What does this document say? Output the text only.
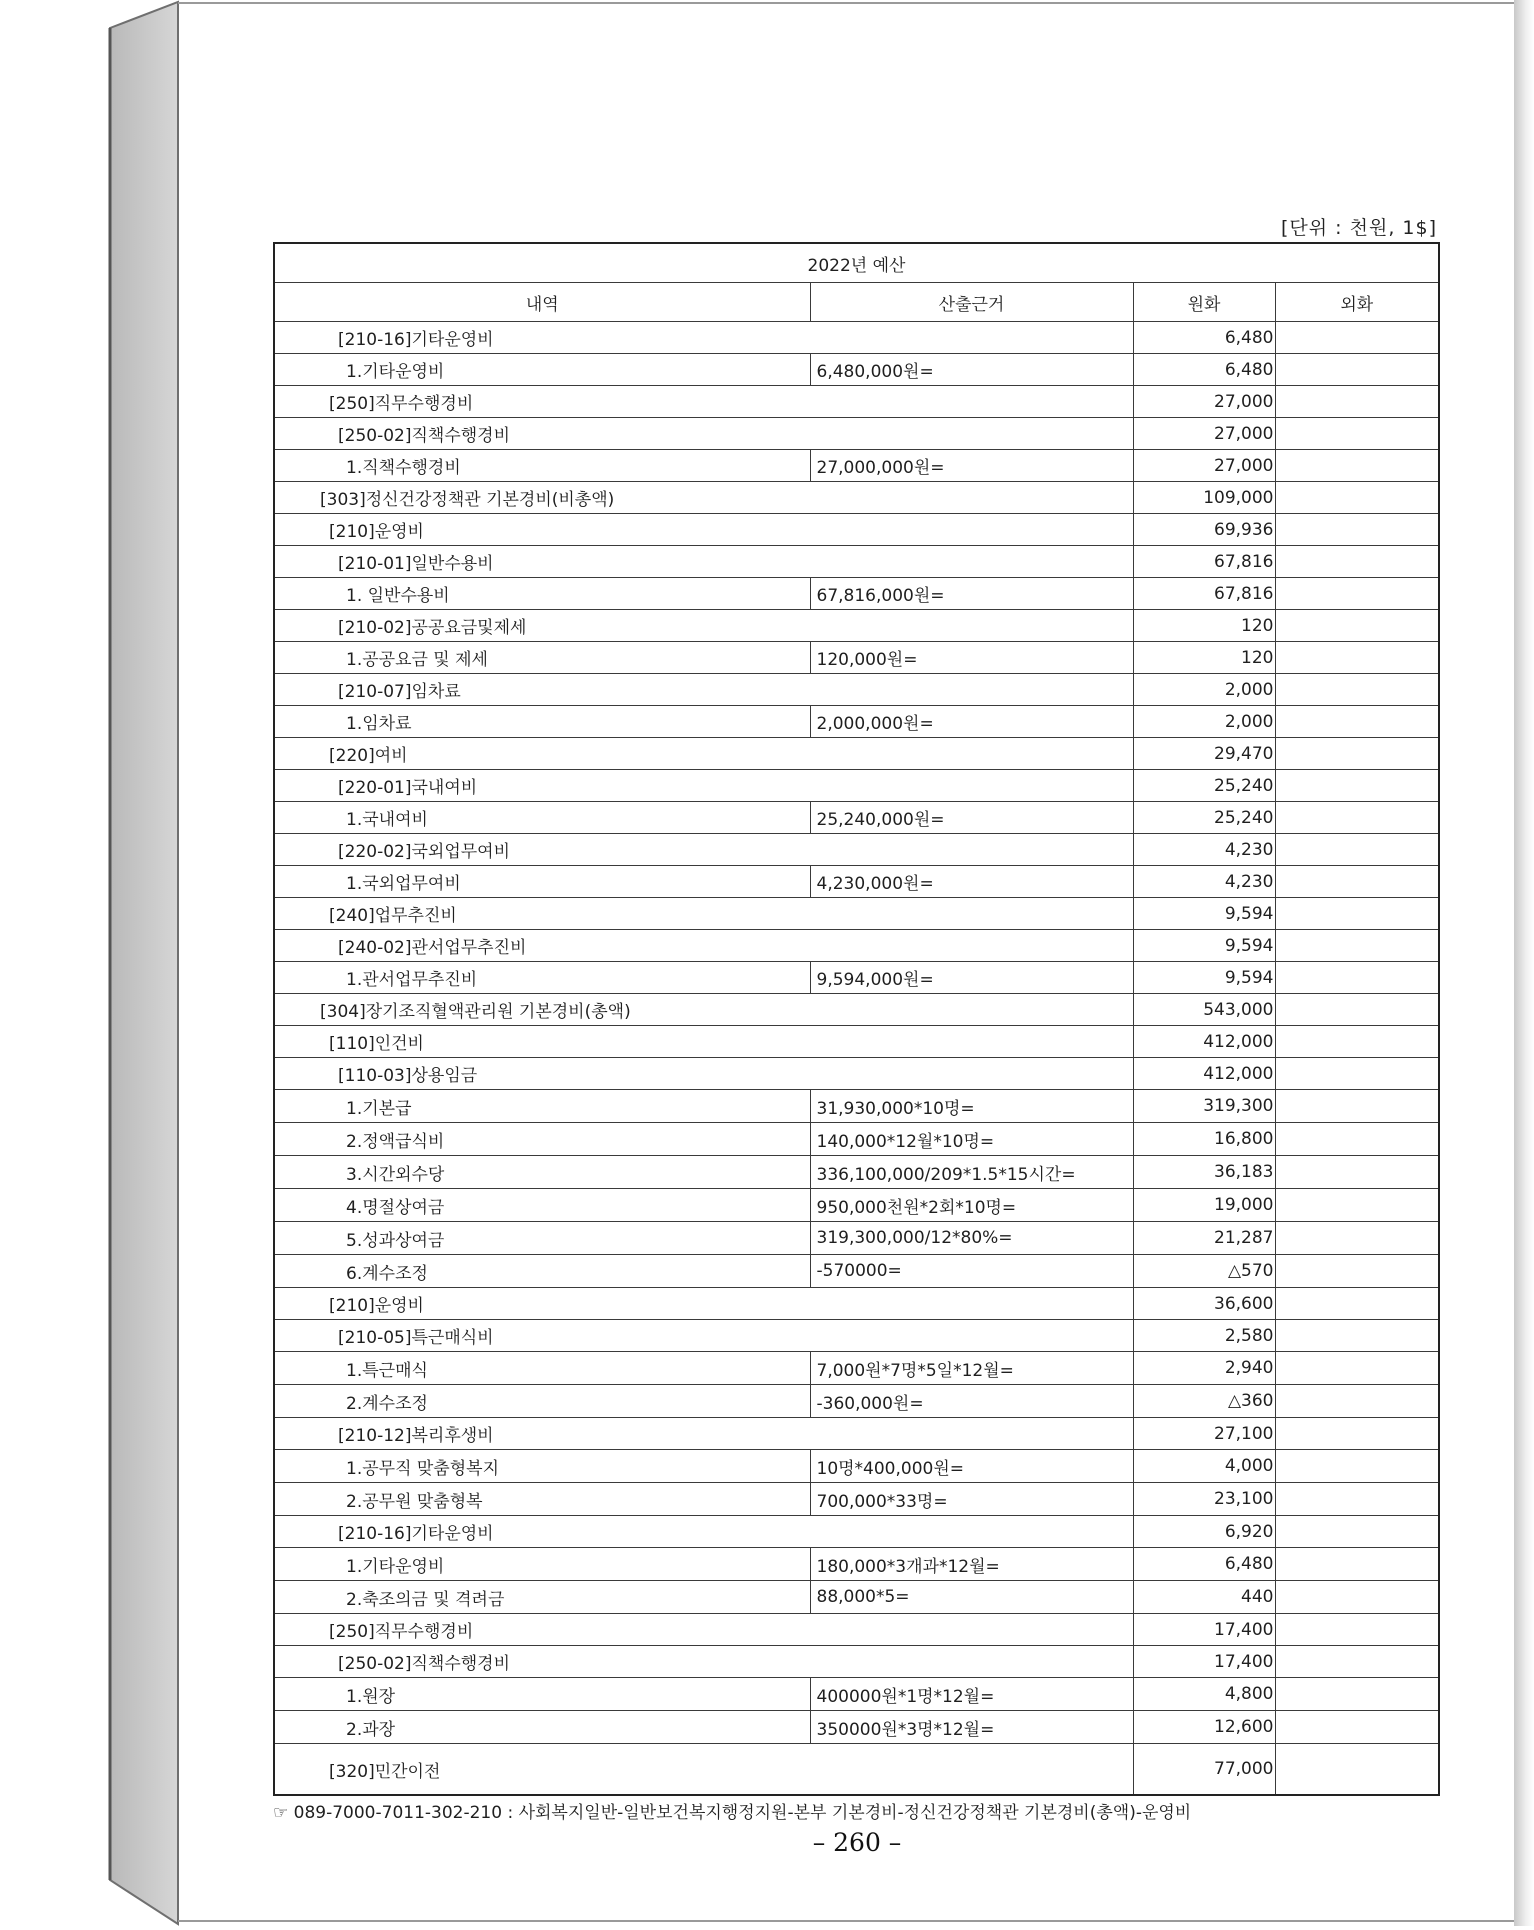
[단위 : 천원, 1$]
2022년 예산			
내역	산출근거	원화	외화
[210-16]기타운영비		6,480	
1.기타운영비	6,480,000원=	6,480	
[250]직무수행경비		27,000	
[250-02]직책수행경비		27,000	
1.직책수행경비	27,000,000원=	27,000	
[303]정신건강정책관 기본경비(비총액)		109,000	
[210]운영비		69,936	
[210-01]일반수용비		67,816	
1. 일반수용비	67,816,000원=	67,816	
[210-02]공공요금및제세		120	
1.공공요금 및 제세	120,000원=	120	
[210-07]임차료		2,000	
1.임차료	2,000,000원=	2,000	
[220]여비		29,470	
[220-01]국내여비		25,240	
1.국내여비	25,240,000원=	25,240	
[220-02]국외업무여비		4,230	
1.국외업무여비	4,230,000원=	4,230	
[240]업무추진비		9,594	
[240-02]관서업무추진비		9,594	
1.관서업무추진비	9,594,000원=	9,594	
[304]장기조직혈액관리원 기본경비(총액)		543,000	
[110]인건비		412,000	
[110-03]상용임금		412,000	
1.기본급	31,930,000*10명=	319,300	
2.정액급식비	140,000*12월*10명=	16,800	
3.시간외수당	336,100,000/209*1.5*15시간=	36,183	
4.명절상여금	950,000천원*2회*10명=	19,000	
5.성과상여금	319,300,000/12*80%=	21,287	
6.계수조정	-570000=	△570	
[210]운영비		36,600	
[210-05]특근매식비		2,580	
1.특근매식	7,000원*7명*5일*12월=	2,940	
2.계수조정	-360,000원=	△360	
[210-12]복리후생비		27,100	
1.공무직 맞춤형복지	10명*400,000원=	4,000	
2.공무원 맞춤형복	700,000*33명=	23,100	
[210-16]기타운영비		6,920	
1.기타운영비	180,000*3개과*12월=	6,480	
2.축조의금 및 격려금	88,000*5=	440	
[250]직무수행경비		17,400	
[250-02]직책수행경비		17,400	
1.원장	400000원*1명*12월=	4,800	
2.과장	350000원*3명*12월=	12,600	
[320]민간이전		77,000	
☞ 089-7000-7011-302-210 : 사회복지일반-일반보건복지행정지원-본부 기본경비-정신건강정책관 기본경비(총액)-운영비
– 260 –
